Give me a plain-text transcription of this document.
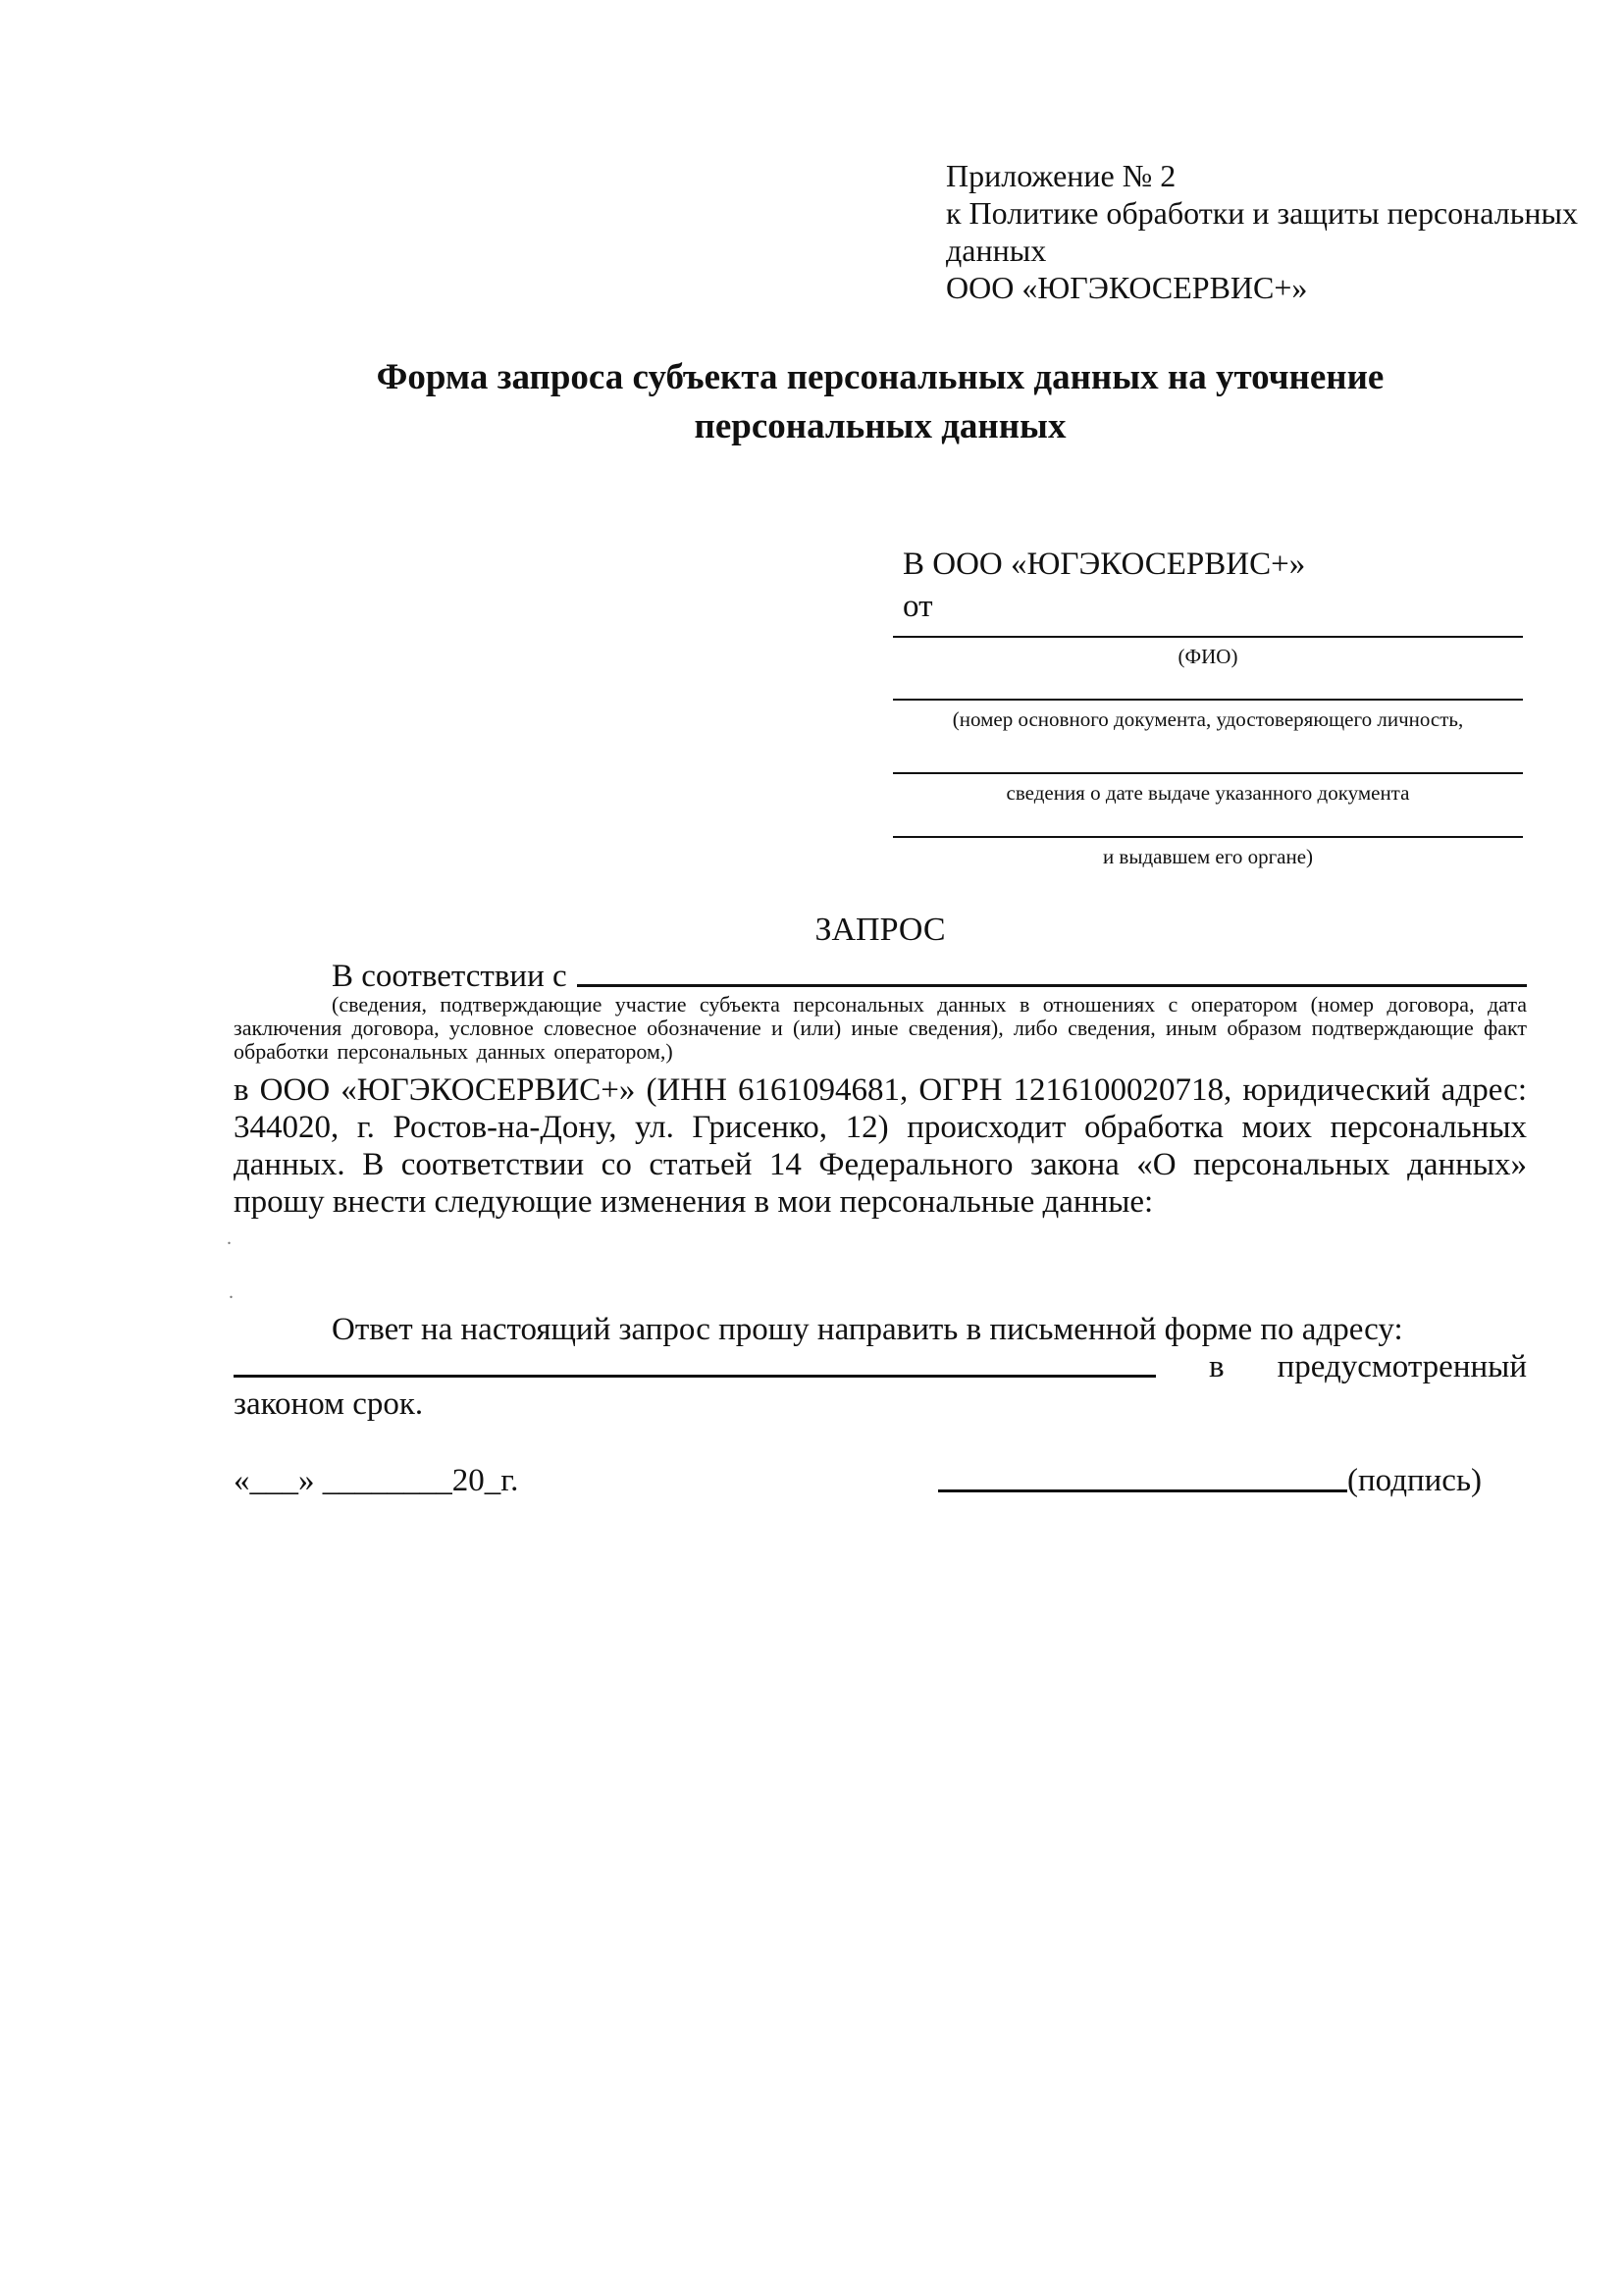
Приложение № 2
к Политике обработки и защиты персональных
данных
ООО «ЮГЭКОСЕРВИС+»
Форма запроса субъекта персональных данных на уточнение
персональных данных
В ООО «ЮГЭКОСЕРВИС+»
от
(ФИО)
(номер основного документа, удостоверяющего личность,
сведения о дате выдаче указанного документа
и выдавшем его органе)
ЗАПРОС
В соответствии с
(сведения, подтверждающие участие субъекта персональных данных в отношениях с оператором (номер договора, дата заключения договора, условное словесное обозначение и (или) иные сведения), либо сведения, иным образом подтверждающие факт обработки персональных данных оператором,)
в ООО «ЮГЭКОСЕРВИС+» (ИНН 6161094681, ОГРН 1216100020718, юридический адрес: 344020, г. Ростов-на-Дону, ул. Грисенко, 12) происходит обработка моих персональных данных. В соответствии со статьей 14 Федерального закона «О персональных данных» прошу внести следующие изменения в мои персональные данные:
.
.
Ответ на настоящий запрос прошу направить в письменной форме по адресу:
в предусмотренный
законом срок.
«___» ________20_г.	(подпись)
